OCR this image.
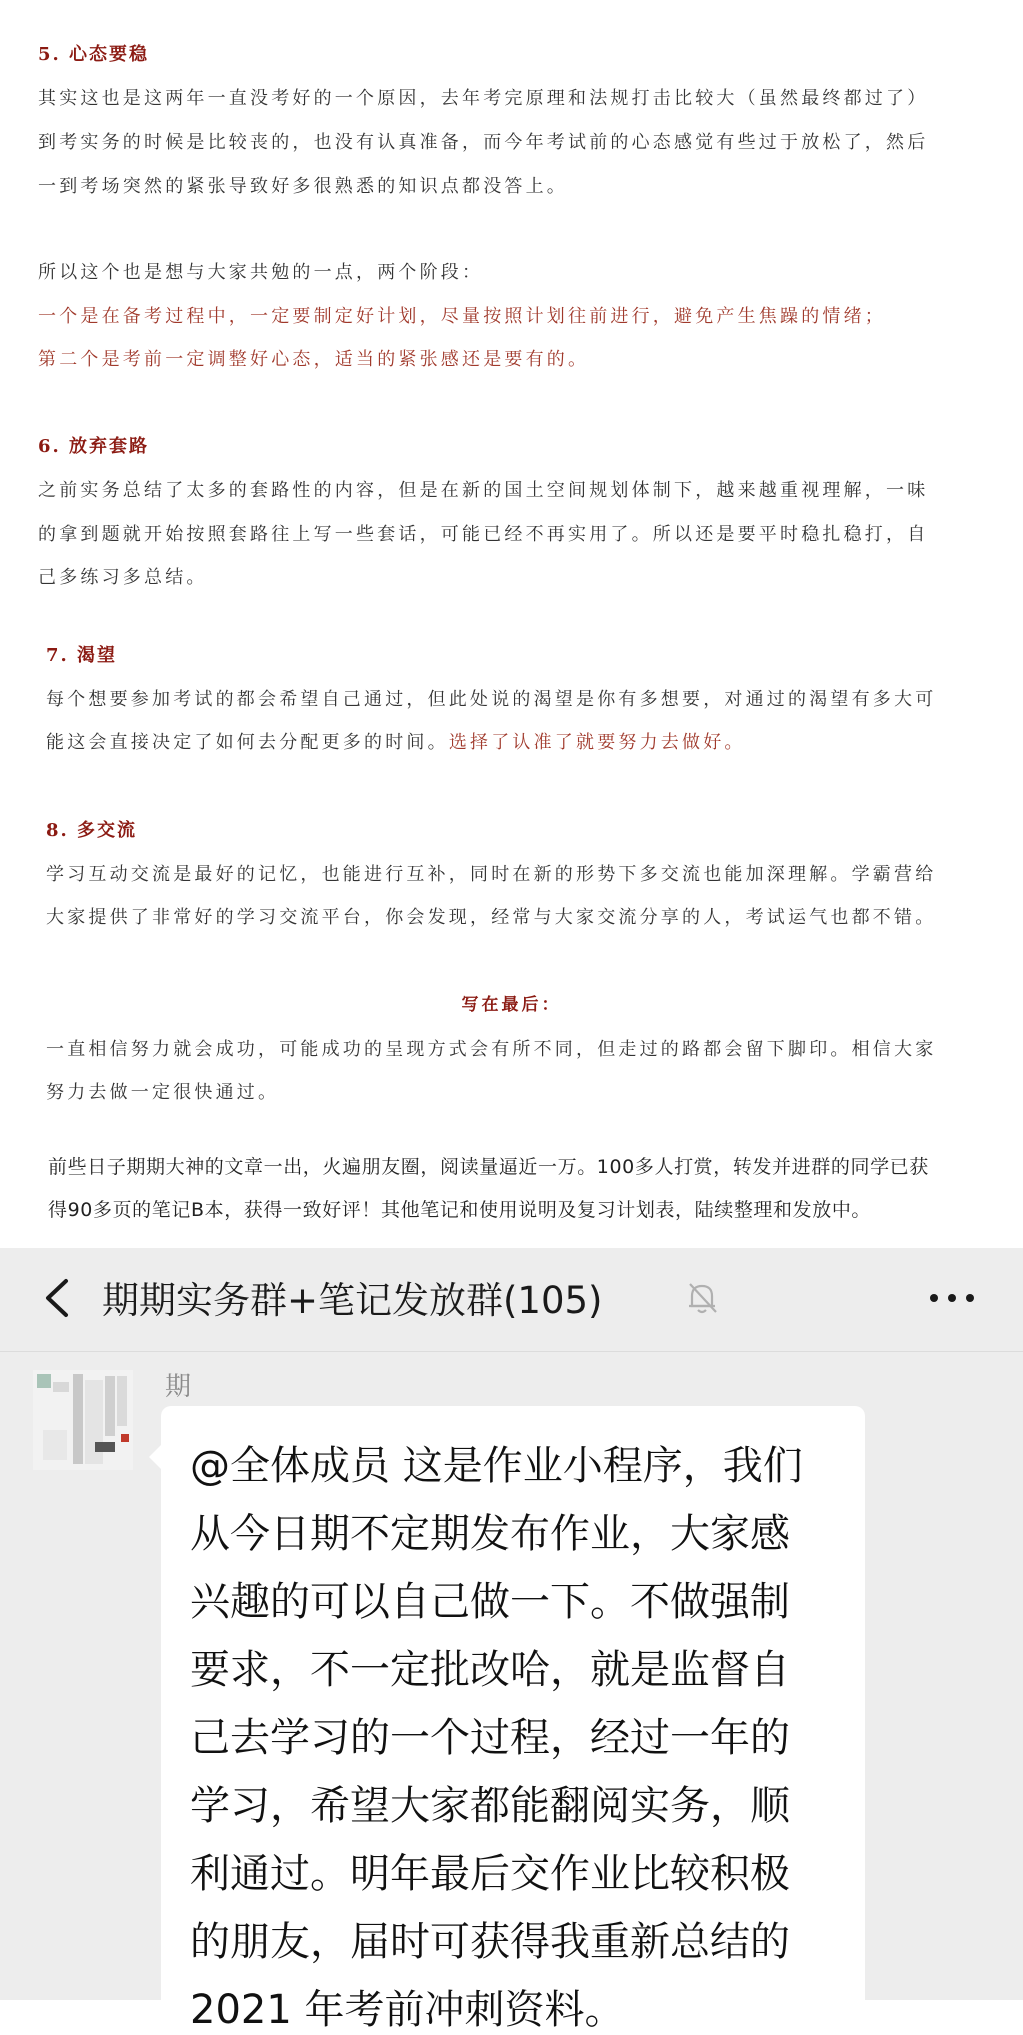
5. 心态要稳
其实这也是这两年一直没考好的一个原因，去年考完原理和法规打击比较大（虽然最终都过了）
到考实务的时候是比较丧的，也没有认真准备，而今年考试前的心态感觉有些过于放松了，然后
一到考场突然的紧张导致好多很熟悉的知识点都没答上。
所以这个也是想与大家共勉的一点，两个阶段：
一个是在备考过程中，一定要制定好计划，尽量按照计划往前进行，避免产生焦躁的情绪；
第二个是考前一定调整好心态，适当的紧张感还是要有的。
6. 放弃套路
之前实务总结了太多的套路性的内容，但是在新的国土空间规划体制下，越来越重视理解，一味
的拿到题就开始按照套路往上写一些套话，可能已经不再实用了。所以还是要平时稳扎稳打，自
己多练习多总结。
7. 渴望
每个想要参加考试的都会希望自己通过，但此处说的渴望是你有多想要，对通过的渴望有多大可
能这会直接决定了如何去分配更多的时间。选择了认准了就要努力去做好。
8. 多交流
学习互动交流是最好的记忆，也能进行互补，同时在新的形势下多交流也能加深理解。学霸营给
大家提供了非常好的学习交流平台，你会发现，经常与大家交流分享的人，考试运气也都不错。
写在最后：
一直相信努力就会成功，可能成功的呈现方式会有所不同，但走过的路都会留下脚印。相信大家
努力去做一定很快通过。
前些日子期期大神的文章一出，火遍朋友圈，阅读量逼近一万。100多人打赏，转发并进群的同学已获
得90多页的笔记B本，获得一致好评！其他笔记和使用说明及复习计划表，陆续整理和发放中。
期期实务群+笔记发放群(105)
期
@全体成员 这是作业小程序，我们
从今日期不定期发布作业，大家感
兴趣的可以自己做一下。不做强制
要求，不一定批改哈，就是监督自
己去学习的一个过程，经过一年的
学习，希望大家都能翻阅实务，顺
利通过。明年最后交作业比较积极
的朋友，届时可获得我重新总结的
2021 年考前冲刺资料。
